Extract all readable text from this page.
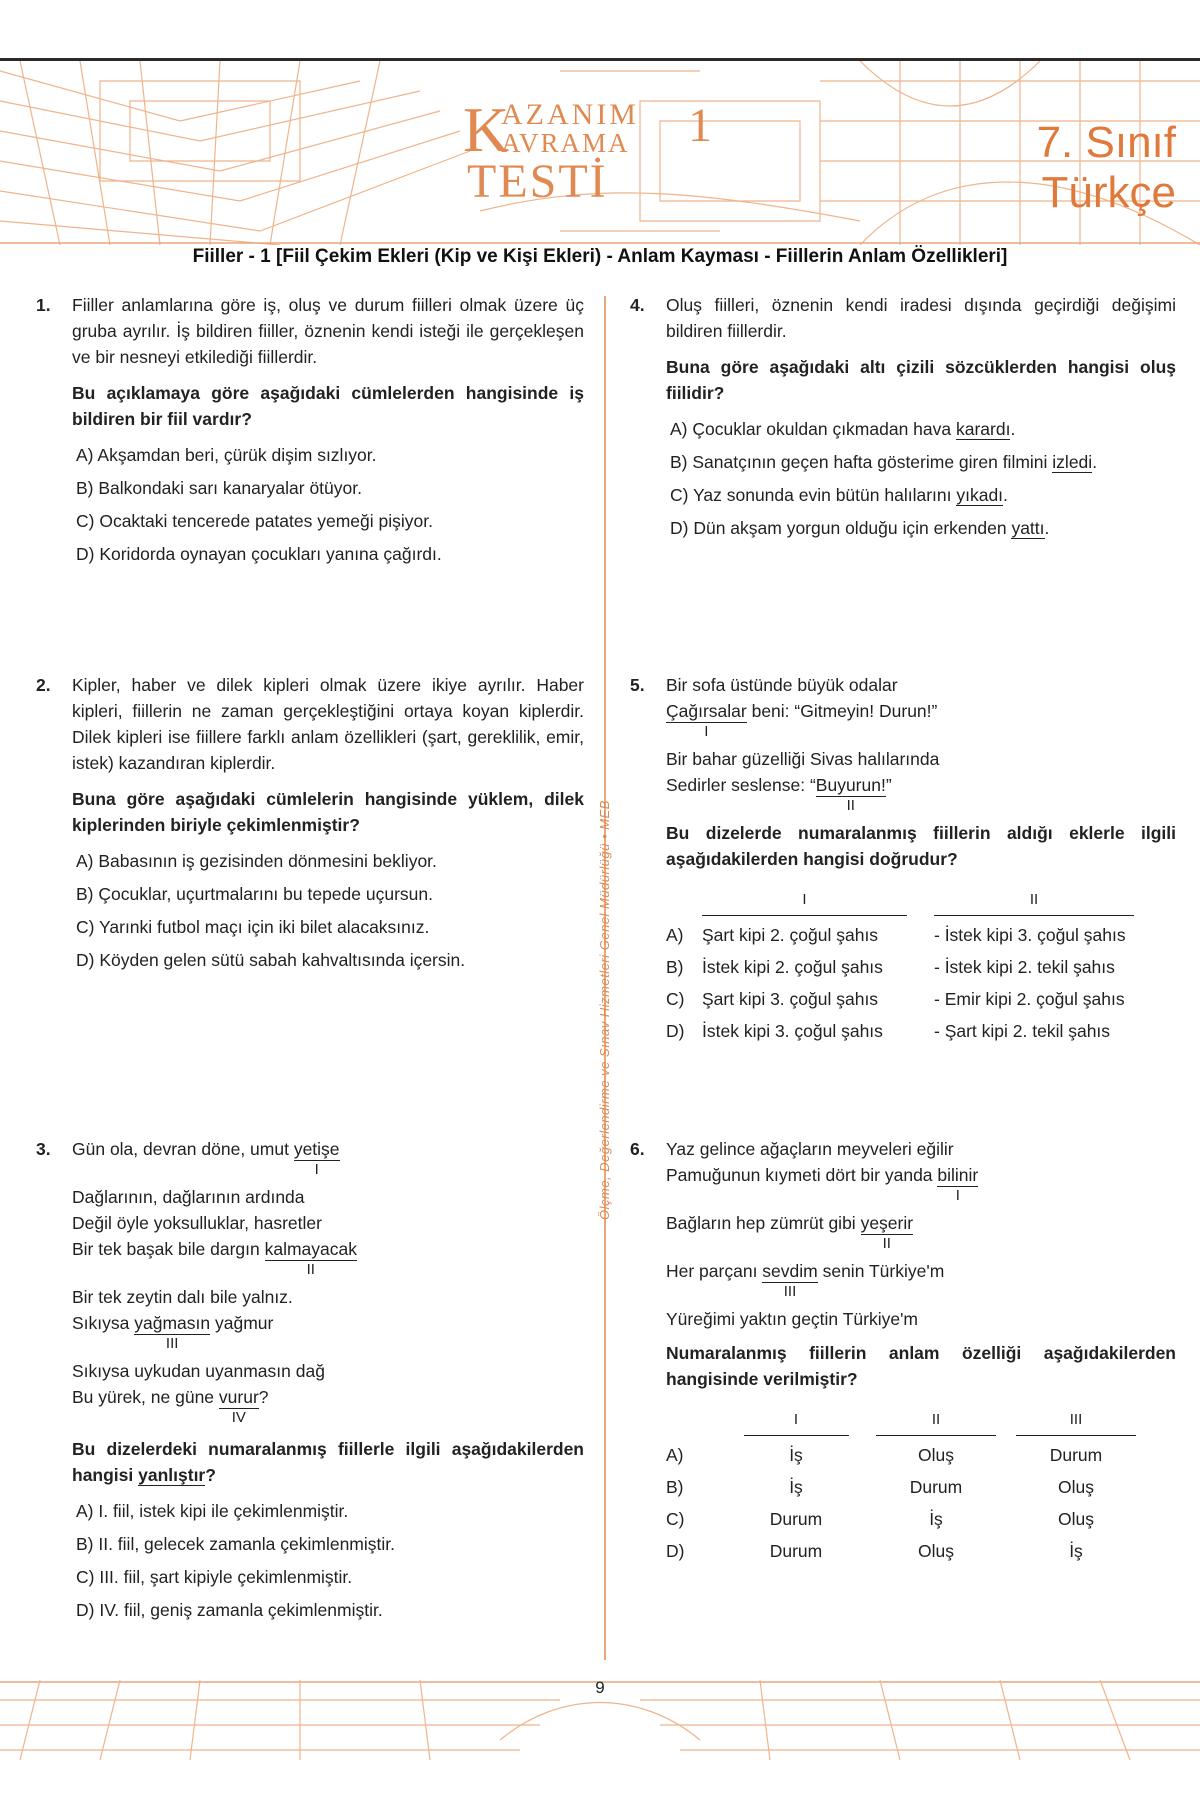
K
AZANIM
AVRAMA
TESTİ
1	7. Sınıf
Türkçe
Fiiller - 1 [Fiil Çekim Ekleri (Kip ve Kişi Ekleri) - Anlam Kayması - Fiillerin Anlam Özellikleri]
Ölçme, Değerlendirme ve Sınav Hizmetleri Genel Müdürlüğü • MEB
1. Fiiller anlamlarına göre iş, oluş ve durum fiilleri olmak üzere üç gruba ayrılır. İş bildiren fiiller, öznenin kendi isteği ile gerçekleşen ve bir nesneyi etkilediği fiillerdir.

Bu açıklamaya göre aşağıdaki cümlelerden hangisinde iş bildiren bir fiil vardır?

A) Akşamdan beri, çürük dişim sızlıyor.
B) Balkondaki sarı kanaryalar ötüyor.
C) Ocaktaki tencerede patates yemeği pişiyor.
D) Koridorda oynayan çocukları yanına çağırdı.
2. Kipler, haber ve dilek kipleri olmak üzere ikiye ayrılır. Haber kipleri, fiillerin ne zaman gerçekleştiğini ortaya koyan kiplerdir. Dilek kipleri ise fiillere farklı anlam özellikleri (şart, gereklilik, emir, istek) kazandıran kiplerdir.

Buna göre aşağıdaki cümlelerin hangisinde yüklem, dilek kiplerinden biriyle çekimlenmiştir?

A) Babasının iş gezisinden dönmesini bekliyor.
B) Çocuklar, uçurtmalarını bu tepede uçursun.
C) Yarınki futbol maçı için iki bilet alacaksınız.
D) Köyden gelen sütü sabah kahvaltısında içersin.
3. Gün ola, devran döne, umut yetişe
I

Dağlarının, dağlarının ardında

Değil öyle yoksulluklar, hasretler

Bir tek başak bile dargın kalmayacak
II

Bir tek zeytin dalı bile yalnız.

Sıkıysa yağmasın
III
yağmur

Sıkıysa uykudan uyanmasın dağ

Bu yürek, ne güne vurur
IV
?

Bu dizelerdeki numaralanmış fiillerle ilgili aşağıdakilerden hangisi yanlıştır?

A) I. fiil, istek kipi ile çekimlenmiştir.
B) II. fiil, gelecek zamanla çekimlenmiştir.
C) III. fiil, şart kipiyle çekimlenmiştir.
D) IV. fiil, geniş zamanla çekimlenmiştir.
4. Oluş fiilleri, öznenin kendi iradesi dışında geçirdiği değişimi bildiren fiillerdir.

Buna göre aşağıdaki altı çizili sözcüklerden hangisi oluş fiilidir?

A) Çocuklar okuldan çıkmadan hava karardı.
B) Sanatçının geçen hafta gösterime giren filmini izledi.
C) Yaz sonunda evin bütün halılarını yıkadı.
D) Dün akşam yorgun olduğu için erkenden yattı.
5. Bir sofa üstünde büyük odalar

Çağırsalar
I
beni: “Gitmeyin! Durun!”

Bir bahar güzelliği Sivas halılarında

Sedirler seslense: “Buyurun!
II
”

Bu dizelerde numaralanmış fiillerin aldığı eklerle ilgili aşağıdakilerden hangisi doğrudur?

	I	II
A)	Şart kipi 2. çoğul şahıs	- İstek kipi 3. çoğul şahıs
B)	İstek kipi 2. çoğul şahıs	- İstek kipi 2. tekil şahıs
C)	Şart kipi 3. çoğul şahıs	- Emir kipi 2. çoğul şahıs
D)	İstek kipi 3. çoğul şahıs	- Şart kipi 2. tekil şahıs
6. Yaz gelince ağaçların meyveleri eğilir

Pamuğunun kıymeti dört bir yanda bilinir
I

Bağların hep zümrüt gibi yeşerir
II

Her parçanı sevdim
III
senin Türkiye'm

Yüreğimi yaktın geçtin Türkiye'm

Numaralanmış fiillerin anlam özelliği aşağıdakilerden hangisinde verilmiştir?

	I	II	III
A)	İş	Oluş	Durum
B)	İş	Durum	Oluş
C)	Durum	İş	Oluş
D)	Durum	Oluş	İş
9
